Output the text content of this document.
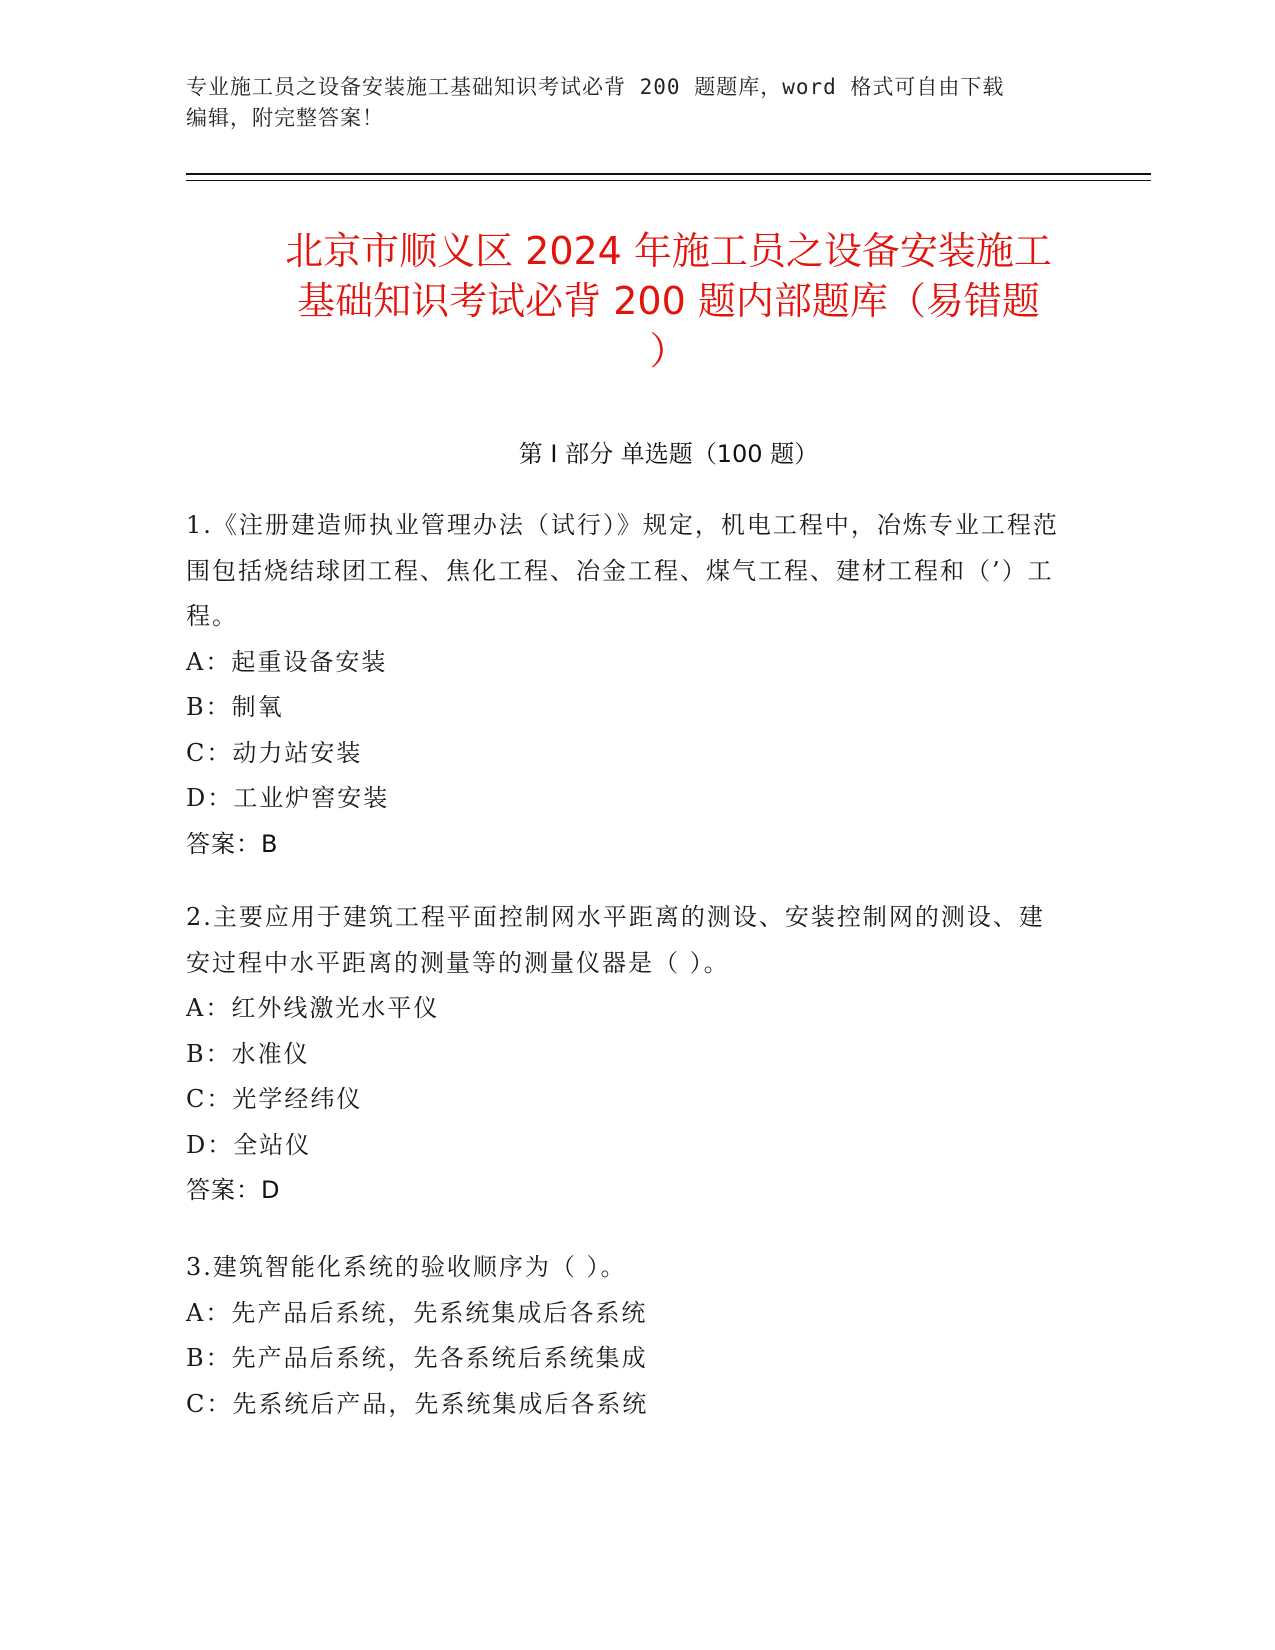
专业施工员之设备安装施工基础知识考试必背 200 题题库，word 格式可自由下载
编辑，附完整答案！
北京市顺义区 2024 年施工员之设备安装施工
基础知识考试必背 200 题内部题库（易错题
）
第 I 部分 单选题（100 题）
1.《注册建造师执业管理办法（试行）》规定，机电工程中，冶炼专业工程范围包括烧结球团工程、焦化工程、冶金工程、煤气工程、建材工程和（’）工程。
A：起重设备安装
B：制氧
C：动力站安装
D：工业炉窖安装
答案：B
2.主要应用于建筑工程平面控制网水平距离的测设、安装控制网的测设、建安过程中水平距离的测量等的测量仪器是（ ）。
A：红外线激光水平仪
B：水准仪
C：光学经纬仪
D：全站仪
答案：D
3.建筑智能化系统的验收顺序为（ ）。
A：先产品后系统，先系统集成后各系统
B：先产品后系统，先各系统后系统集成
C：先系统后产品，先系统集成后各系统
